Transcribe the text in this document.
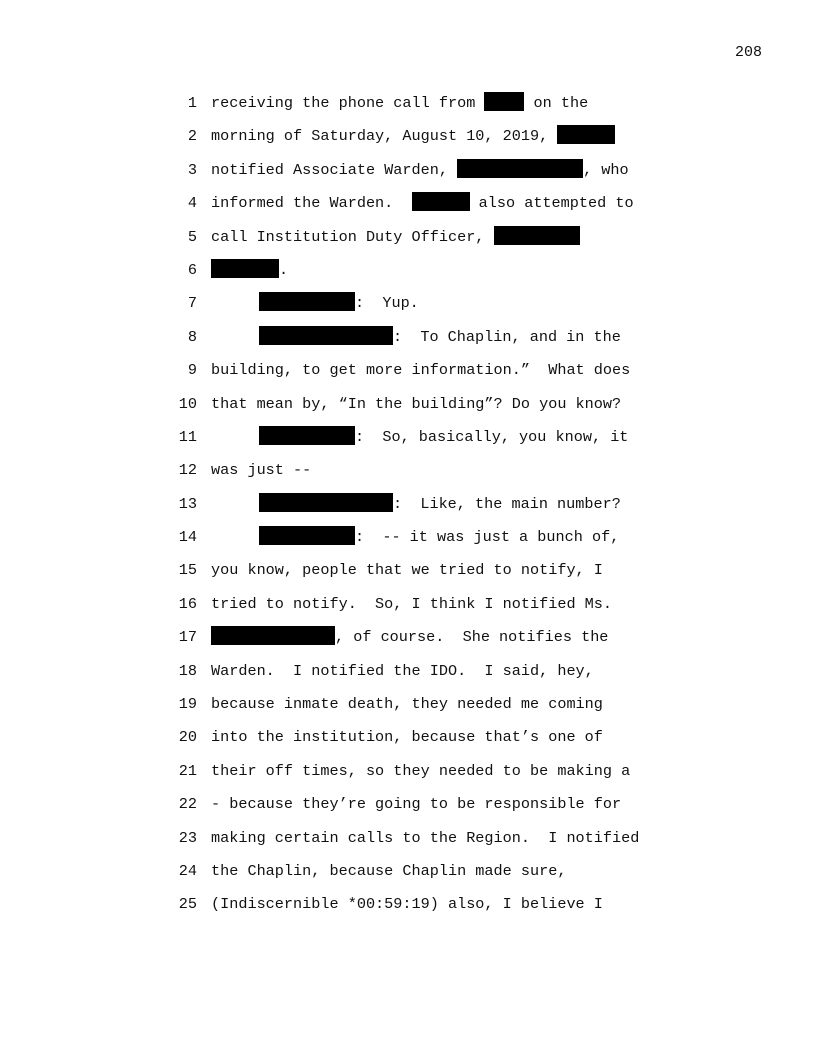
208
1 receiving the phone call from	on the
2 morning of Saturday, August 10, 2019,
3 notified Associate Warden,	, who
4 informed the Warden.	also attempted to
5 call Institution Duty Officer,
6	.
7	:  Yup.
8	:  To Chaplin, and in the
9 building, to get more information.”  What does
10 that mean by, “In the building”? Do you know?
11	:  So, basically, you know, it
12 was just --
13	:  Like, the main number?
14	:  -- it was just a bunch of,
15 you know, people that we tried to notify, I
16 tried to notify.  So, I think I notified Ms.
17	, of course.  She notifies the
18 Warden.  I notified the IDO.  I said, hey,
19 because inmate death, they needed me coming
20 into the institution, because that’s one of
21 their off times, so they needed to be making a
22 - because they’re going to be responsible for
23 making certain calls to the Region.  I notified
24 the Chaplin, because Chaplin made sure,
25 (Indiscernible *00:59:19) also, I believe I
